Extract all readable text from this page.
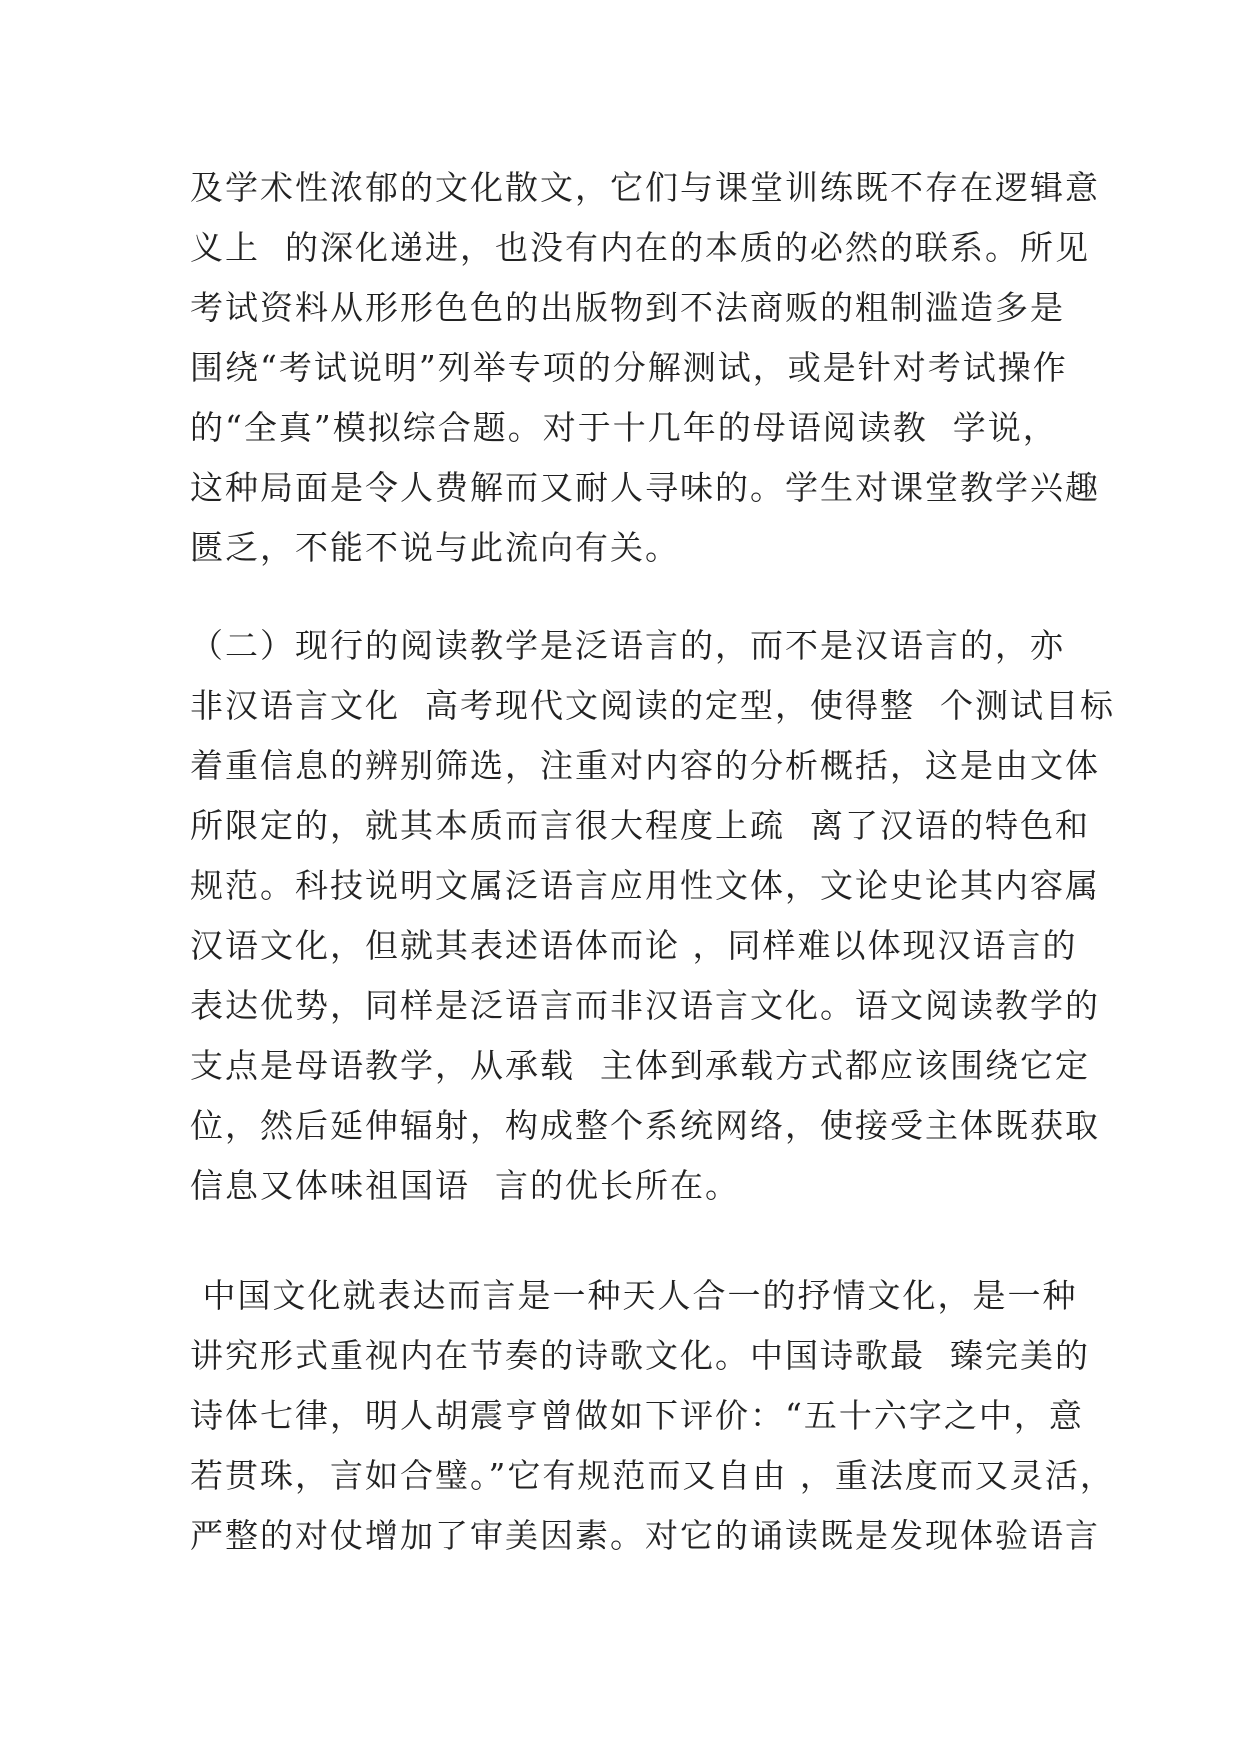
及学术性浓郁的文化散文，它们与课堂训练既不存在逻辑意
义上  的深化递进，也没有内在的本质的必然的联系。所见
考试资料从形形色色的出版物到不法商贩的粗制滥造多是
围绕“考试说明”列举专项的分解测试，或是针对考试操作
的“全真”模拟综合题。对于十几年的母语阅读教  学说，
这种局面是令人费解而又耐人寻味的。学生对课堂教学兴趣
匮乏，不能不说与此流向有关。
（二）现行的阅读教学是泛语言的，而不是汉语言的，亦
非汉语言文化  高考现代文阅读的定型，使得整  个测试目标
着重信息的辨别筛选，注重对内容的分析概括，这是由文体
所限定的，就其本质而言很大程度上疏  离了汉语的特色和
规范。科技说明文属泛语言应用性文体，文论史论其内容属
汉语文化，但就其表述语体而论 ，同样难以体现汉语言的
表达优势，同样是泛语言而非汉语言文化。语文阅读教学的
支点是母语教学，从承载  主体到承载方式都应该围绕它定
位，然后延伸辐射，构成整个系统网络，使接受主体既获取
信息又体味祖国语  言的优长所在。
中国文化就表达而言是一种天人合一的抒情文化，是一种
讲究形式重视内在节奏的诗歌文化。中国诗歌最  臻完美的
诗体七律，明人胡震亨曾做如下评价：“五十六字之中，意
若贯珠，言如合璧。”它有规范而又自由 ，重法度而又灵活，
严整的对仗增加了审美因素。对它的诵读既是发现体验语言
